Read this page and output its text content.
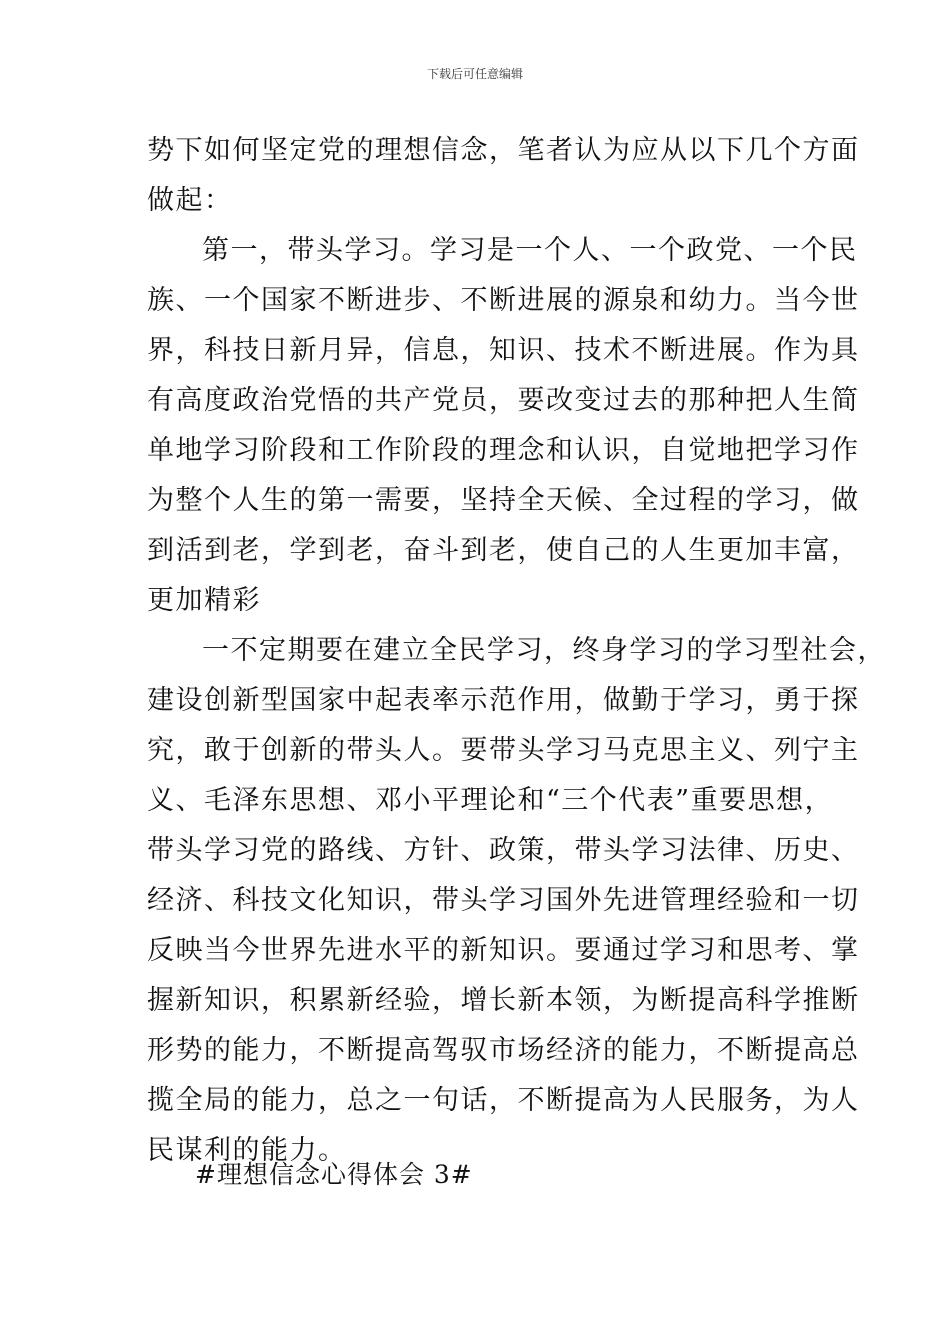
下载后可任意编辑
势下如何坚定党的理想信念，笔者认为应从以下几个方面
做起：
第一，带头学习。学习是一个人、一个政党、一个民
族、一个国家不断进步、不断进展的源泉和幼力。当今世
界，科技日新月异，信息，知识、技术不断进展。作为具
有高度政治党悟的共产党员，要改变过去的那种把人生简
单地学习阶段和工作阶段的理念和认识，自觉地把学习作
为整个人生的第一需要，坚持全天候、全过程的学习，做
到活到老，学到老，奋斗到老，使自己的人生更加丰富，
更加精彩
一不定期要在建立全民学习，终身学习的学习型社会，
建设创新型国家中起表率示范作用，做勤于学习，勇于探
究，敢于创新的带头人。要带头学习马克思主义、列宁主
义、毛泽东思想、邓小平理论和“三个代表”重要思想，
带头学习党的路线、方针、政策，带头学习法律、历史、
经济、科技文化知识，带头学习国外先进管理经验和一切
反映当今世界先进水平的新知识。要通过学习和思考、掌
握新知识，积累新经验，增长新本领，为断提高科学推断
形势的能力，不断提高驾驭市场经济的能力，不断提高总
揽全局的能力，总之一句话，不断提高为人民服务，为人
民谋利的能力。
#理想信念心得体会 3#
